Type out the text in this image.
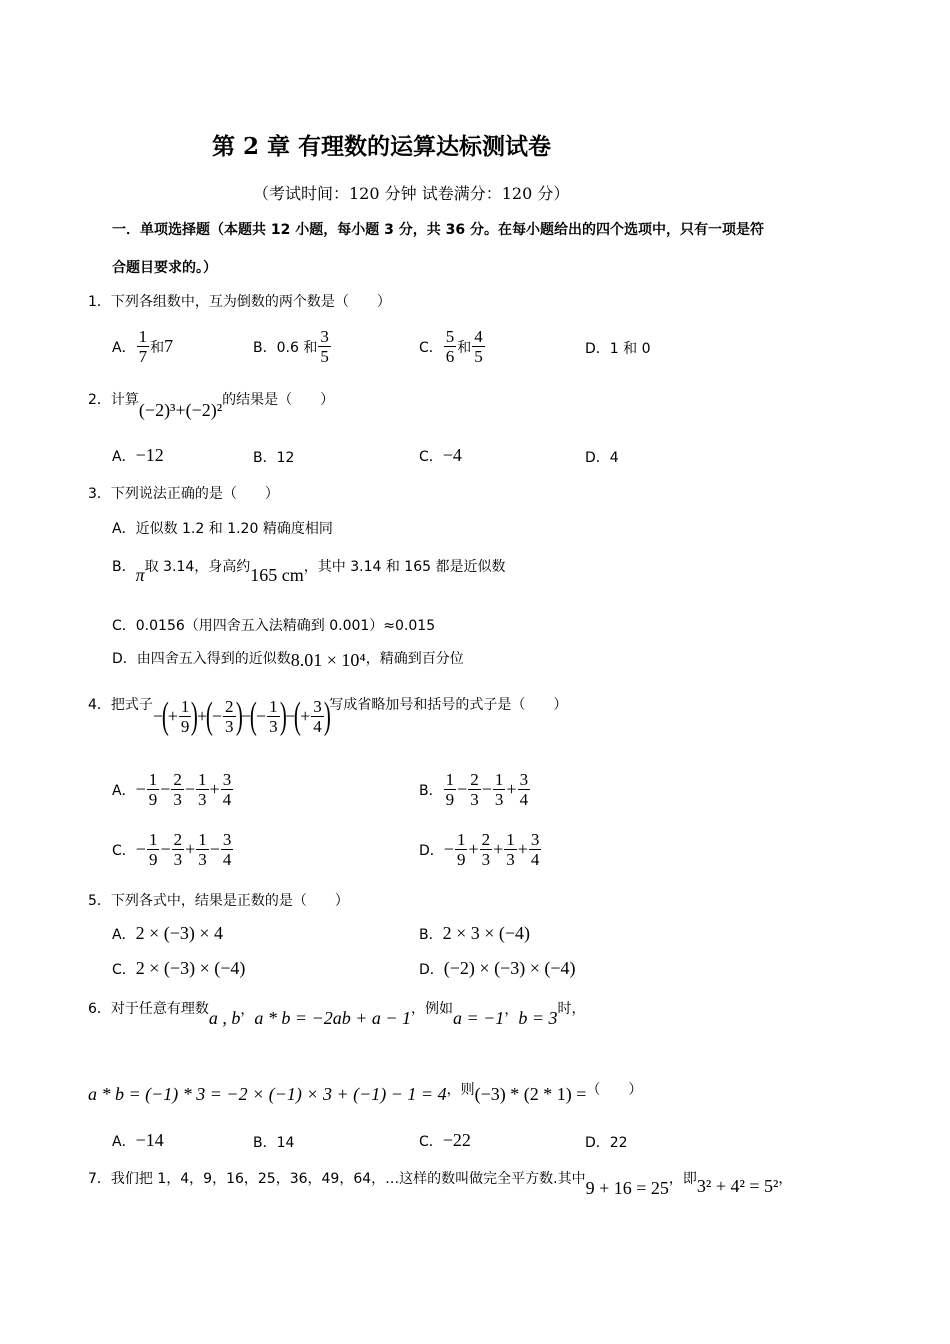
第 2 章 有理数的运算达标测试卷
（考试时间：120 分钟 试卷满分：120 分）
一．单项选择题（本题共 12 小题，每小题 3 分，共 36 分。在每小题给出的四个选项中，只有一项是符
合题目要求的。）
1．下列各组数中，互为倒数的两个数是（　　）
A． $\frac{1}{7}$ 和 7	B．0.6 和 $\frac{3}{5}$	C． $\frac{5}{6}$ 和 $\frac{4}{5}$	D．1 和 0
2．计算
(−2)³+(−2)²
的结果是（　　）
A． −12	B．12	C． −4	D．4
3．下列说法正确的是（　　）
A．近似数 1.2 和 1.20 精确度相同
B． π 取 3.14，身高约 165 cm ，其中 3.14 和 165 都是近似数
C．0.0156（用四舍五入法精确到 0.001）≈0.015
D．由四舍五入得到的近似数 8.01 × 10⁴ ，精确到百分位
4．把式子
−
(
+ $\frac{1}{9}$ )
+
(
− $\frac{2}{3}$ )
−
(
− $\frac{1}{3}$ )
−
(
+ $\frac{3}{4}$ )
写成省略加号和括号的式子是（　　）
A． − $\frac{1}{9} - \frac{2}{3} - \frac{1}{3} + \frac{3}{4}$	B． $\frac{1}{9} - \frac{2}{3} - \frac{1}{3} + \frac{3}{4}$
C． − $\frac{1}{9} - \frac{2}{3} + \frac{1}{3} - \frac{3}{4}$	D． − $\frac{1}{9} + \frac{2}{3} + \frac{1}{3} + \frac{3}{4}$
5．下列各式中，结果是正数的是（　　）
A． 2 × (−3) × 4	B． 2 × 3 × (−4)
C． 2 × (−3) × (−4)	D． (−2) × (−3) × (−4)
6．对于任意有理数 a , b ， a * b = −2ab + a − 1 ，例如 a = −1 ， b = 3 时，
a * b = (−1) * 3 = −2 × (−1) × 3 + (−1) − 1 = 4 ，则 (−3) * (2 * 1) = （　　）
A． −14	B．14	C． −22	D．22
7．我们把 1，4，9，16，25，36，49，64，…这样的数叫做完全平方数.其中 9 + 16 = 25 ，即 3² + 4² = 5² ，
